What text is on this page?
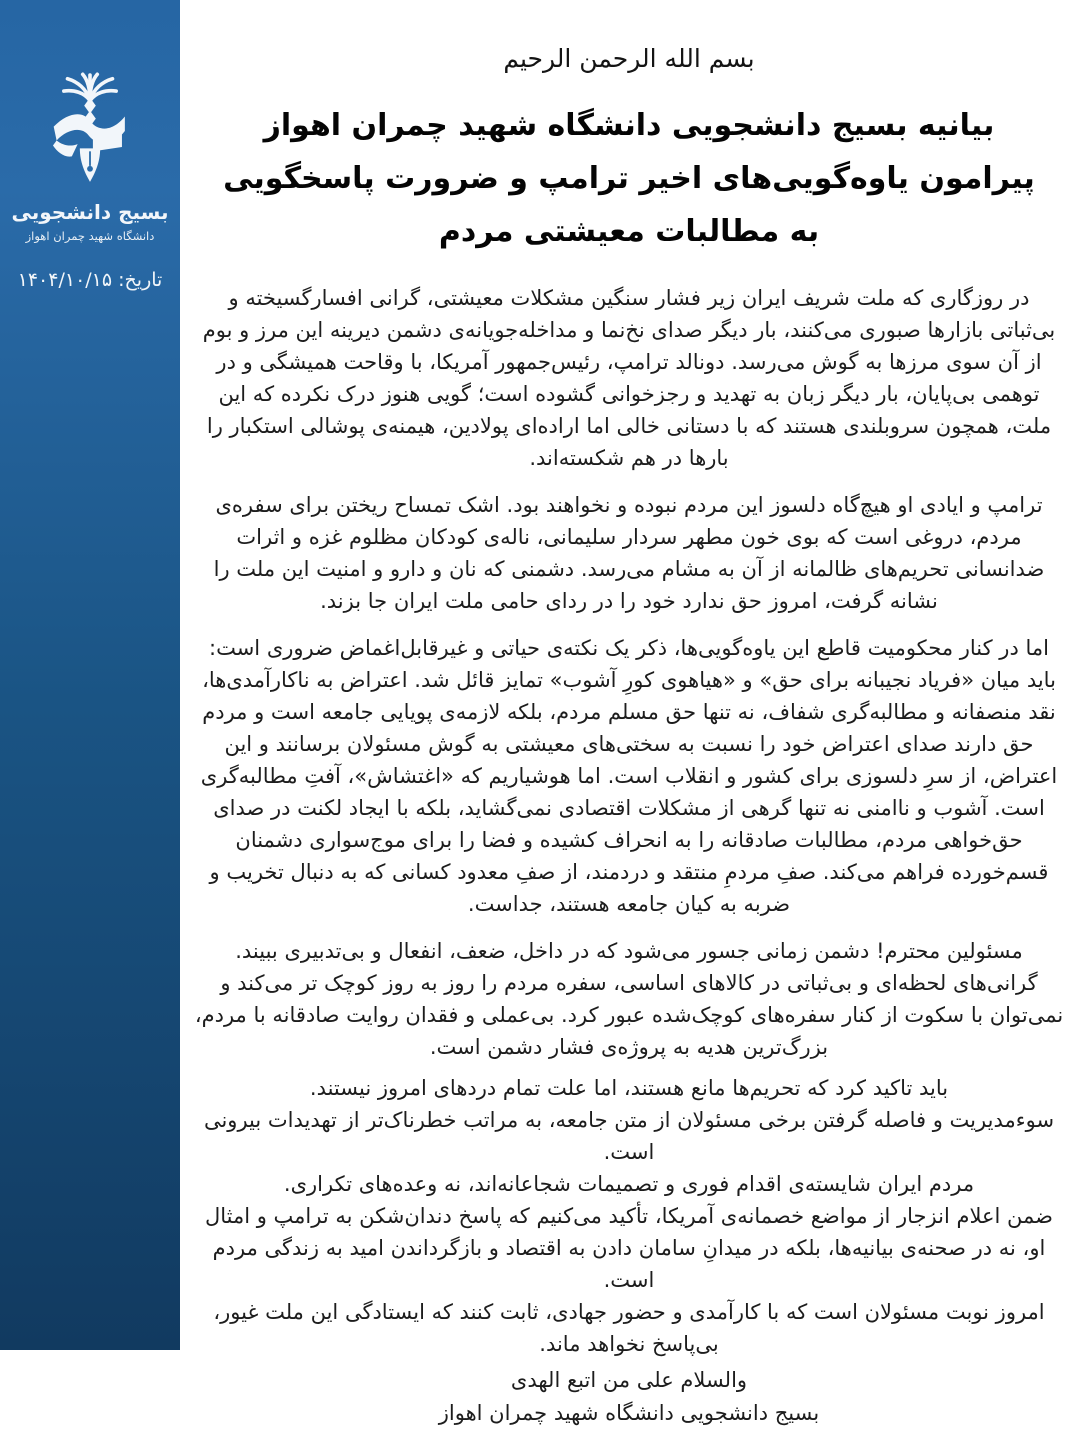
بسیج دانشجویی
دانشگاه شهید چمران اهواز
تاریخ: ۱۴۰۴/۱۰/۱۵
بسم الله الرحمن الرحیم
بیانیه بسیج دانشجویی دانشگاه شهید چمران اهواز پیرامون یاوه‌گویی‌های اخیر ترامپ و ضرورت پاسخگویی به مطالبات معیشتی مردم

در روزگاری که ملت شریف ایران زیر فشار سنگین مشکلات معیشتی، گرانی افسارگسیخته و بی‌ثباتی بازارها صبوری می‌کنند، بار دیگر صدای نخ‌نما و مداخله‌جویانه‌ی دشمن دیرینه این مرز و بوم از آن سوی مرزها به گوش می‌رسد. دونالد ترامپ، رئیس‌جمهور آمریکا، با وقاحت همیشگی و در توهمی بی‌پایان، بار دیگر زبان به تهدید و رجزخوانی گشوده است؛ گویی هنوز درک نکرده که این ملت، همچون سروبلندی هستند که با دستانی خالی اما اراده‌ای پولادین، هیمنه‌ی پوشالی استکبار را بارها در هم شکسته‌اند.

ترامپ و ایادی او هیچ‌گاه دلسوز این مردم نبوده و نخواهند بود. اشک تمساح ریختن برای سفره‌ی مردم، دروغی است که بوی خون مطهر سردار سلیمانی، ناله‌ی کودکان مظلوم غزه و اثرات ضدانسانی تحریم‌های ظالمانه از آن به مشام می‌رسد. دشمنی که نان و دارو و امنیت این ملت را نشانه گرفت، امروز حق ندارد خود را در ردای حامی ملت ایران جا بزند.

اما در کنار محکومیت قاطع این یاوه‌گویی‌ها، ذکر یک نکته‌ی حیاتی و غیرقابل‌اغماض ضروری است: باید میان «فریاد نجیبانه برای حق» و «هیاهوی کورِ آشوب» تمایز قائل شد. اعتراض به ناکارآمدی‌ها، نقد منصفانه و مطالبه‌گری شفاف، نه تنها حق مسلم مردم، بلکه لازمه‌ی پویایی جامعه است و مردم حق دارند صدای اعتراض خود را نسبت به سختی‌های معیشتی به گوش مسئولان برسانند و این اعتراض، از سرِ دلسوزی برای کشور و انقلاب است. اما هوشیاریم که «اغتشاش»، آفتِ مطالبه‌گری است. آشوب و ناامنی نه تنها گرهی از مشکلات اقتصادی نمی‌گشاید، بلکه با ایجاد لکنت در صدای حق‌خواهی مردم، مطالبات صادقانه را به انحراف کشیده و فضا را برای موج‌سواری دشمنان قسم‌خورده فراهم می‌کند. صفِ مردمِ منتقد و دردمند، از صفِ معدود کسانی که به دنبال تخریب و ضربه به کیان جامعه هستند، جداست.

مسئولین محترم! دشمن زمانی جسور می‌شود که در داخل، ضعف، انفعال و بی‌تدبیری ببیند. گرانی‌های لحظه‌ای و بی‌ثباتی در کالاهای اساسی، سفره مردم را روز به روز کوچک تر می‌کند و نمی‌توان با سکوت از کنار سفره‌های کوچک‌شده عبور کرد. بی‌عملی و فقدان روایت صادقانه با مردم، بزرگ‌ترین هدیه به پروژه‌ی فشار دشمن است.

باید تاکید کرد که تحریم‌ها مانع هستند، اما علت تمام دردهای امروز نیستند.

سوءمدیریت و فاصله گرفتن برخی مسئولان از متن جامعه، به مراتب خطرناک‌تر از تهدیدات بیرونی است.

مردم ایران شایسته‌ی اقدام فوری و تصمیمات شجاعانه‌اند، نه وعده‌های تکراری.

ضمن اعلام انزجار از مواضع خصمانه‌ی آمریکا، تأکید می‌کنیم که پاسخ دندان‌شکن به ترامپ و امثال او، نه در صحنه‌ی بیانیه‌ها، بلکه در میدانِ سامان دادن به اقتصاد و بازگرداندن امید به زندگی مردم است.

امروز نوبت مسئولان است که با کارآمدی و حضور جهادی، ثابت کنند که ایستادگی این ملت غیور، بی‌پاسخ نخواهد ماند.

والسلام علی من اتبع الهدی

بسیج دانشجویی دانشگاه شهید چمران اهواز
